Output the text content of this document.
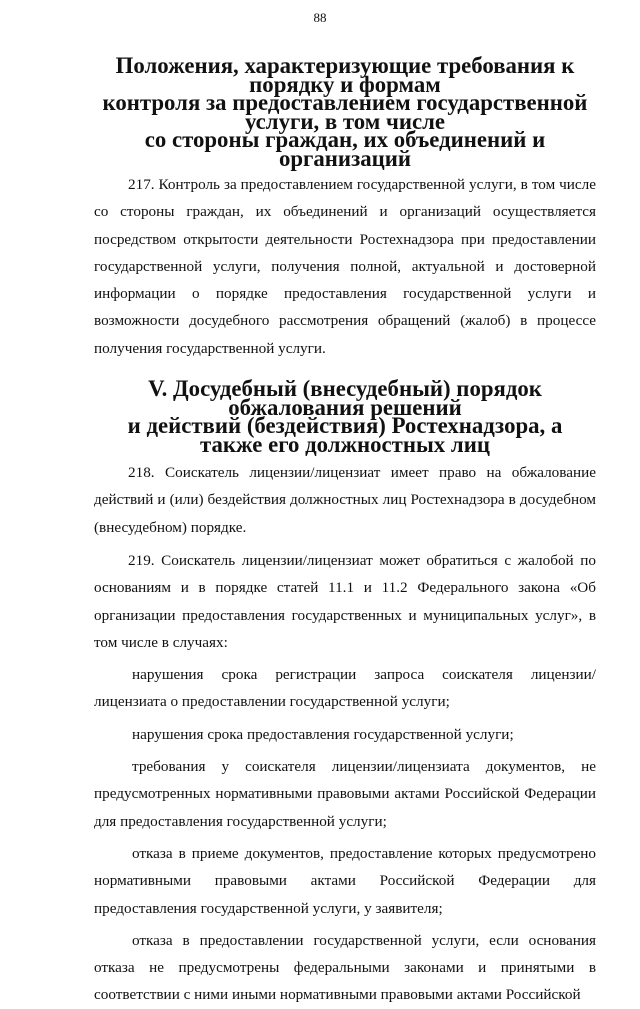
88
Положения, характеризующие требования к порядку и формам
контроля за предоставлением государственной услуги, в том числе
со стороны граждан, их объединений и организаций

217. Контроль за предоставлением государственной услуги, в том числе со стороны граждан, их объединений и организаций осуществляется посредством открытости деятельности Ростехнадзора при предоставлении государственной услуги, получения полной, актуальной и достоверной информации о порядке предоставления государственной услуги и возможности досудебного рассмотрения обращений (жалоб) в процессе получения государственной услуги.

V. Досудебный (внесудебный) порядок обжалования решений
и действий (бездействия) Ростехнадзора, а также его должностных лиц

218. Соискатель лицензии/лицензиат имеет право на обжалование действий и (или) бездействия должностных лиц Ростехнадзора в досудебном (внесудебном) порядке.

219. Соискатель лицензии/лицензиат может обратиться с жалобой по основаниям и в порядке статей 11.1 и 11.2 Федерального закона «Об организации предоставления государственных и муниципальных услуг», в том числе в случаях:

нарушения срока регистрации запроса соискателя лицензии/лицензиата о предоставлении государственной услуги;

нарушения срока предоставления государственной услуги;

требования у соискателя лицензии/лицензиата документов, не предусмотренных нормативными правовыми актами Российской Федерации для предоставления государственной услуги;

отказа в приеме документов, предоставление которых предусмотрено нормативными правовыми актами Российской Федерации для предоставления государственной услуги, у заявителя;

отказа в предоставлении государственной услуги, если основания отказа не предусмотрены федеральными законами и принятыми в соответствии с ними иными нормативными правовыми актами Российской
